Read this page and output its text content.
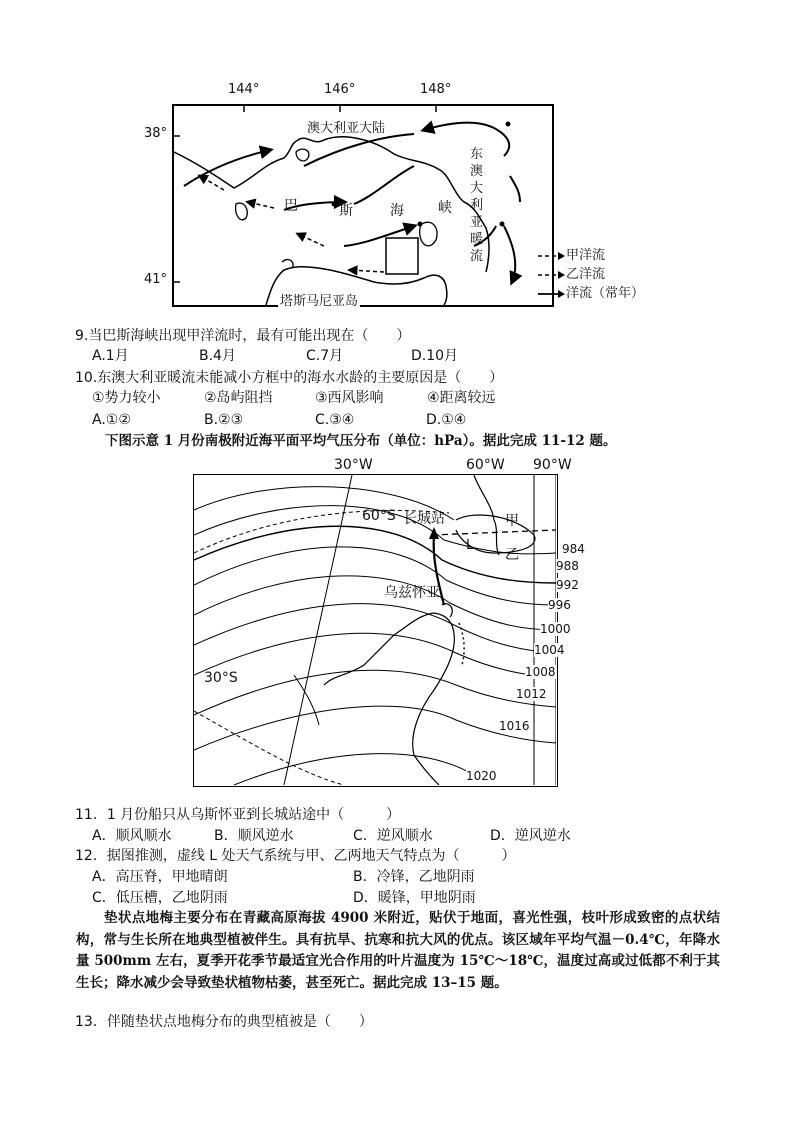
144°	146°	148°
38°
41°
澳大利亚大陆
巴	斯	海 峡
东
澳
大
利
亚
暖
流
塔斯马尼亚岛
甲洋流
乙洋流
洋流（常年）
9.当巴斯海峡出现甲洋流时，最有可能出现在（　　）
A.1月	B.4月	C.7月	D.10月
10.东澳大利亚暖流未能减小方框中的海水水龄的主要原因是（　　）
①势力较小	②岛屿阻挡	③西风影响	④距离较远
A.①②	B.②③	C.③④	D.①④
下图示意 1 月份南极附近海平面平均气压分布（单位：hPa）。据此完成 11-12 题。
30°W	60°W 90°W
60°S 长城站	甲
L
乙
乌兹怀亚
30°S
984
988
992
996
1000
1004
1008
1012
1016
1020
11．1 月份船只从乌斯怀亚到长城站途中（　　　）
A．顺风顺水	B．顺风逆水	C．逆风顺水	D．逆风逆水
12．据图推测，虚线 L 处天气系统与甲、乙两地天气特点为（　　　）
A．高压脊，甲地晴朗	B．冷锋，乙地阴雨
C．低压槽，乙地阴雨	D．暖锋，甲地阴雨
垫状点地梅主要分布在青藏高原海拔 4900 米附近，贴伏于地面，喜光性强，枝叶形成致密的点状结构，常与生长所在地典型植被伴生。具有抗旱、抗寒和抗大风的优点。该区域年平均气温－0.4℃，年降水量 500mm 左右，夏季开花季节最适宜光合作用的叶片温度为 15℃～18℃，温度过高或过低都不利于其生长；降水减少会导致垫状植物枯萎，甚至死亡。据此完成 13–15 题。
13．伴随垫状点地梅分布的典型植被是（　　）
